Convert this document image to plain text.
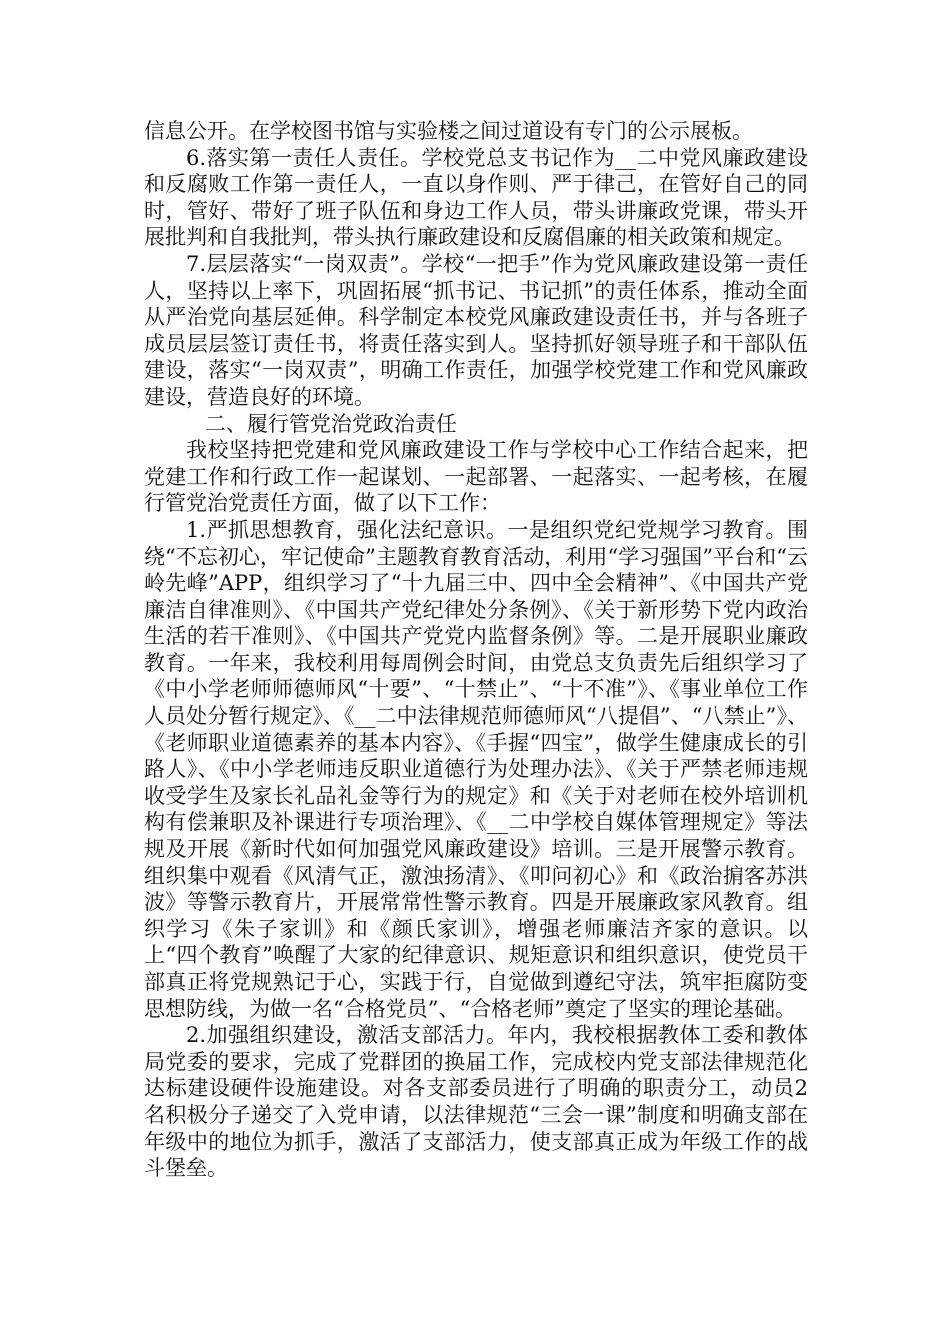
信息公开。在学校图书馆与实验楼之间过道设有专门的公示展板。

6.落实第一责任人责任。学校党总支书记作为__二中党风廉政建设和反腐败工作第一责任人，一直以身作则、严于律己，在管好自己的同时，管好、带好了班子队伍和身边工作人员，带头讲廉政党课，带头开展批判和自我批判，带头执行廉政建设和反腐倡廉的相关政策和规定。

7.层层落实“一岗双责”。学校“一把手”作为党风廉政建设第一责任人，坚持以上率下，巩固拓展“抓书记、书记抓”的责任体系，推动全面从严治党向基层延伸。科学制定本校党风廉政建设责任书，并与各班子成员层层签订责任书，将责任落实到人。坚持抓好领导班子和干部队伍建设，落实“一岗双责”，明确工作责任，加强学校党建工作和党风廉政建设，营造良好的环境。

二、履行管党治党政治责任

我校坚持把党建和党风廉政建设工作与学校中心工作结合起来，把党建工作和行政工作一起谋划、一起部署、一起落实、一起考核，在履行管党治党责任方面，做了以下工作：

1.严抓思想教育，强化法纪意识。一是组织党纪党规学习教育。围绕“不忘初心，牢记使命”主题教育教育活动，利用“学习强国”平台和“云岭先峰”APP，组织学习了“十九届三中、四中全会精神”、《中国共产党廉洁自律准则》、《中国共产党纪律处分条例》、《关于新形势下党内政治生活的若干准则》、《中国共产党党内监督条例》等。二是开展职业廉政教育。一年来，我校利用每周例会时间，由党总支负责先后组织学习了《中小学老师师德师风“十要”、“十禁止”、“十不准”》、《事业单位工作人员处分暂行规定》、《__二中法律规范师德师风“八提倡”、“八禁止”》、《老师职业道德素养的基本内容》、《手握“四宝”，做学生健康成长的引路人》、《中小学老师违反职业道德行为处理办法》、《关于严禁老师违规收受学生及家长礼品礼金等行为的规定》和《关于对老师在校外培训机构有偿兼职及补课进行专项治理》、《__二中学校自媒体管理规定》等法规及开展《新时代如何加强党风廉政建设》培训。三是开展警示教育。组织集中观看《风清气正，激浊扬清》、《叩问初心》和《政治掮客苏洪波》等警示教育片，开展常常性警示教育。四是开展廉政家风教育。组织学习《朱子家训》和《颜氏家训》，增强老师廉洁齐家的意识。以上“四个教育”唤醒了大家的纪律意识、规矩意识和组织意识，使党员干部真正将党规熟记于心，实践于行，自觉做到遵纪守法，筑牢拒腐防变思想防线，为做一名“合格党员”、“合格老师”奠定了坚实的理论基础。

2.加强组织建设，激活支部活力。年内，我校根据教体工委和教体局党委的要求，完成了党群团的换届工作，完成校内党支部法律规范化达标建设硬件设施建设。对各支部委员进行了明确的职责分工，动员2名积极分子递交了入党申请，以法律规范“三会一课”制度和明确支部在年级中的地位为抓手，激活了支部活力，使支部真正成为年级工作的战斗堡垒。
